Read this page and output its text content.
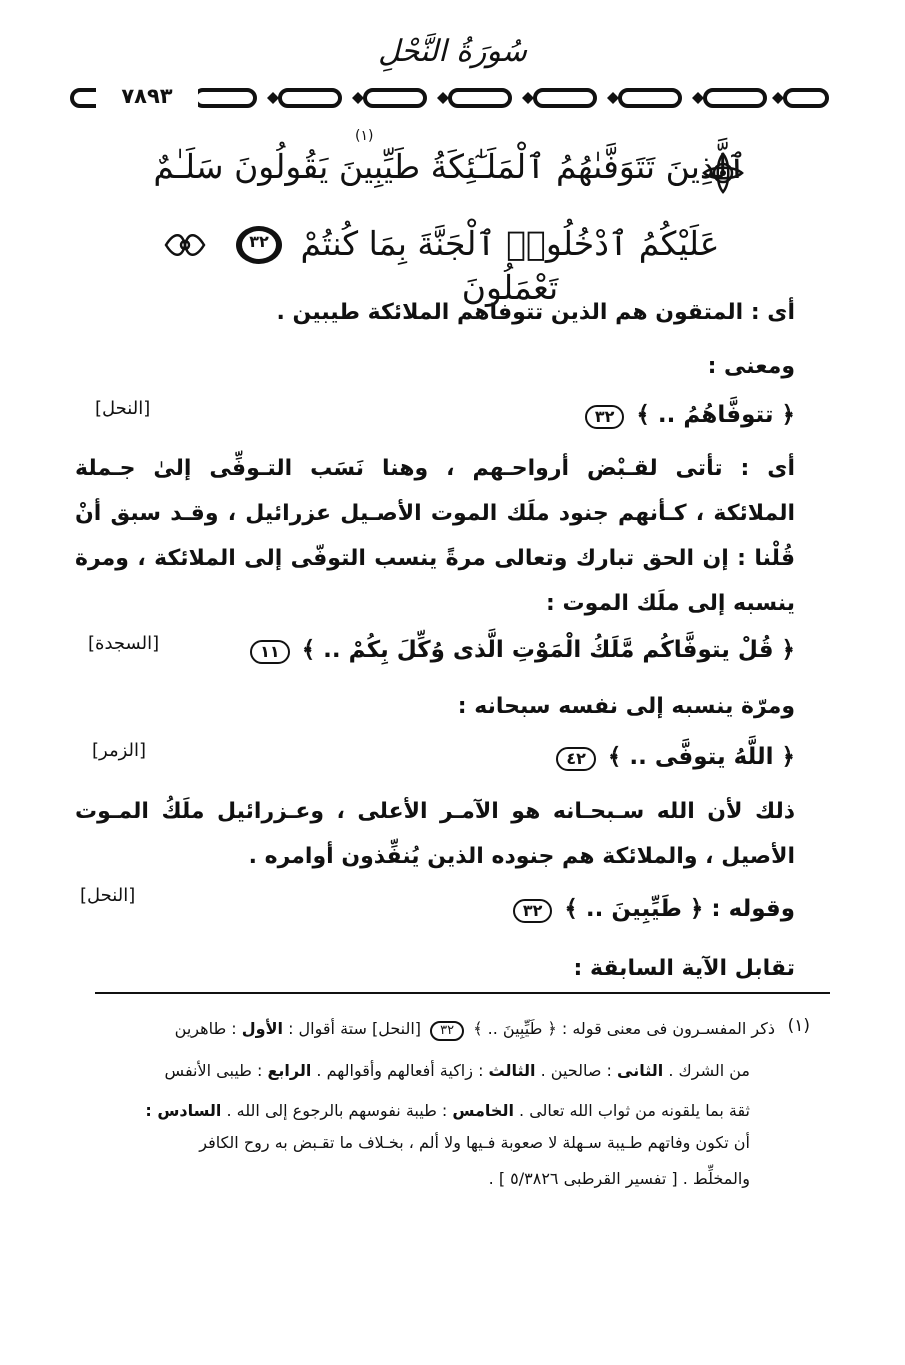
سُورَةُ النَّحْلِ
٧٨٩٣
ٱلَّذِينَ تَتَوَفَّىٰهُمُ ٱلْمَلَـٰٓئِكَةُ طَيِّبِينَ يَقُولُونَ سَلَـٰمٌ
(١)
عَلَيْكُمُ ٱدْخُلُوا۟ ٱلْجَنَّةَ بِمَا كُنتُمْ تَعْمَلُونَ
٣٢
أى : المتقون هم الذين تتوفاهم الملائكة طيبين .
ومعنى :
﴿ تتوفَّاهُمُ .. ﴾ ٣٢
[النحل]
أى : تأتى لقـبْض أرواحـهم ، وهنا نَسَب التـوفِّى إلىٰ جـملة
الملائكة ، كـأنهم جنود ملَك الموت الأصـيل عزرائيل ، وقـد سبق أنْ
قُلْنا : إن الحق تبارك وتعالى مرةً ينسب التوفّى إلى الملائكة ، ومرة
ينسبه إلى ملَك الموت :
﴿ قُلْ يتوفَّاكُم مَّلَكُ الْمَوْتِ الَّذى وُكِّلَ بِكُمْ .. ﴾ ١١
[السجدة]
ومرّة ينسبه إلى نفسه سبحانه :
﴿ اللَّهُ يتوفَّى .. ﴾ ٤٢
[الزمر]
ذلك لأن الله سـبحـانه هو الآمـر الأعلى ، وعـزرائيل ملَكُ المـوت
الأصيل ، والملائكة هم جنوده الذين يُنفِّذون أوامره .
وقوله : ﴿ طَيِّبِينَ .. ﴾ ٣٢
[النحل]
تقابل الآية السابقة :
(١)
ذكر المفسـرون فى معنى قوله : ﴿ طَيِّبِينَ .. ﴾ ٣٢ [النحل] ستة أقوال : الأول : طاهرين
من الشرك . الثانى : صالحين . الثالث : زاكية أفعالهم وأقوالهم . الرابع : طيبى الأنفس
ثقة بما يلقونه من ثواب الله تعالى . الخامس : طيبة نفوسهم بالرجوع إلى الله . السادس :
أن تكون وفاتهم طـيبة سـهلة لا صعوبة فـيها ولا ألم ، بخـلاف ما تقـبض به روح الكافر
والمخلِّط . [ تفسير القرطبى ٥/٣٨٢٦ ] .
